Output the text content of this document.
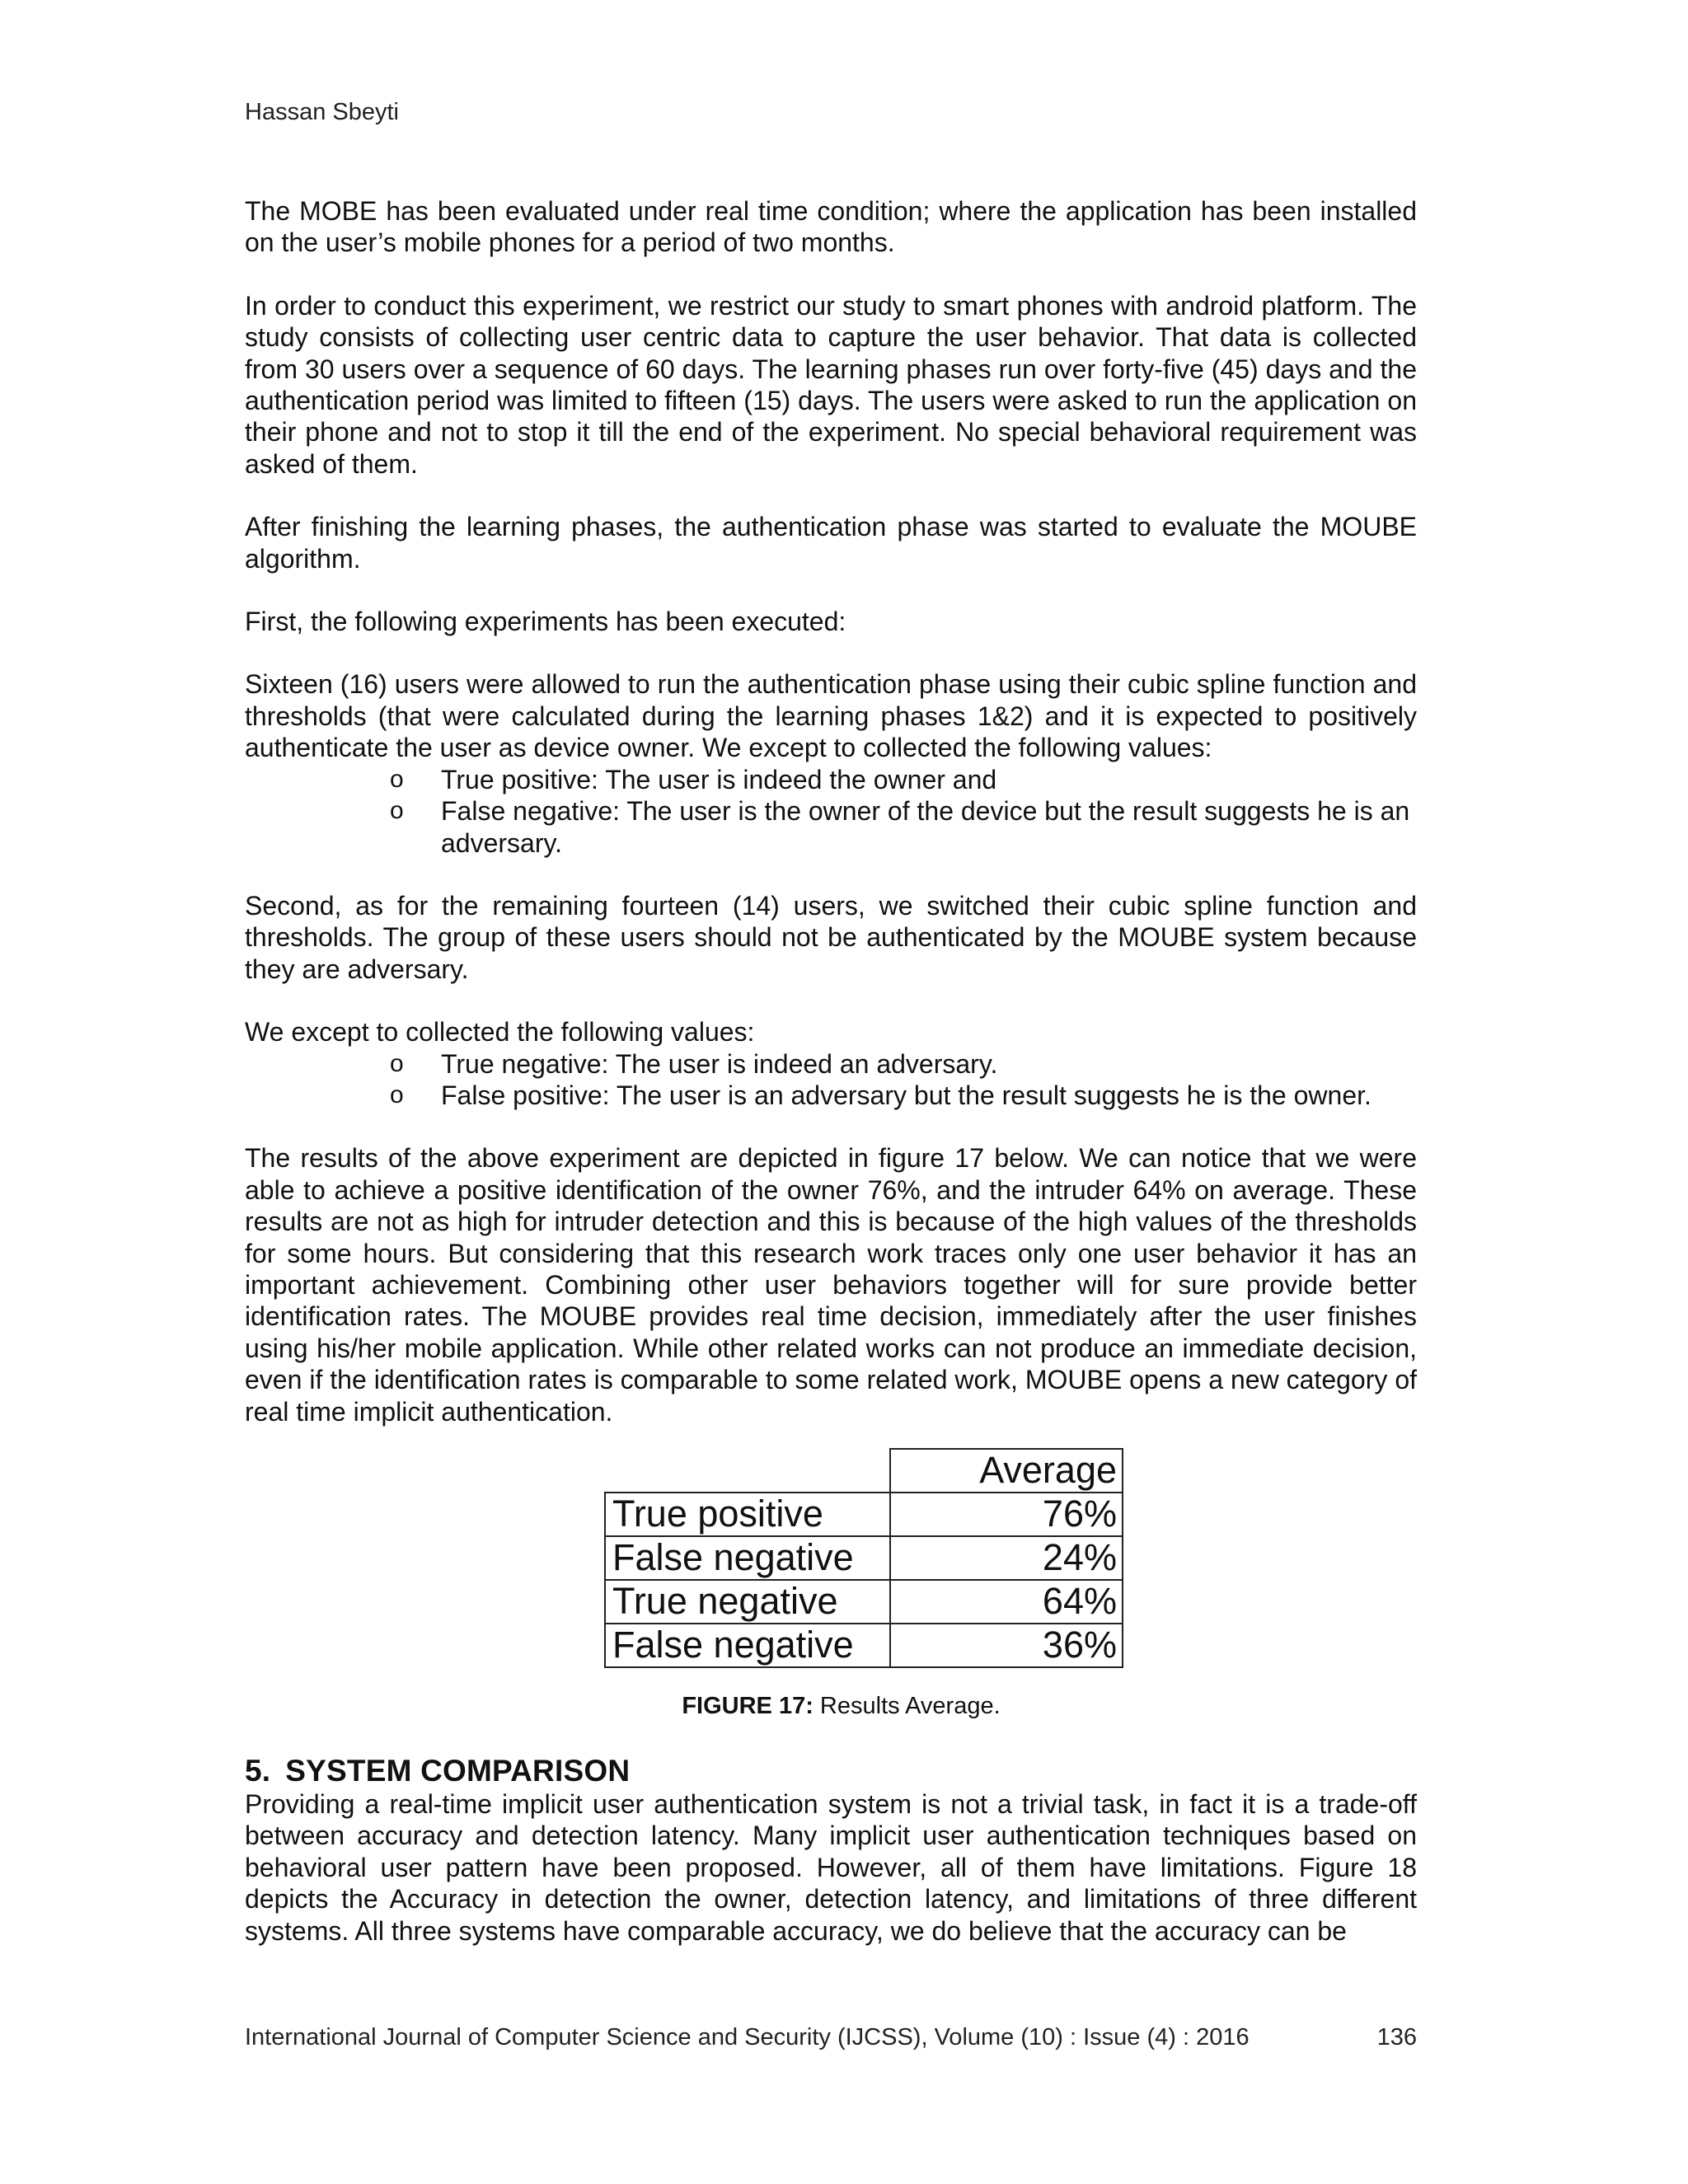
Hassan Sbeyti

The MOBE has been evaluated under real time condition; where the application has been installed on the user’s mobile phones for a period of two months.

In order to conduct this experiment, we restrict our study to smart phones with android platform. The study consists of collecting user centric data to capture the user behavior. That data is collected from 30 users over a sequence of 60 days. The learning phases run over forty-five (45) days and the authentication period was limited to fifteen (15) days. The users were asked to run the application on their phone and not to stop it till the end of the experiment. No special behavioral requirement was asked of them.

After finishing the learning phases, the authentication phase was started to evaluate the MOUBE algorithm.

First, the following experiments has been executed:

Sixteen (16) users were allowed to run the authentication phase using their cubic spline function and thresholds (that were calculated during the learning phases 1&2) and it is expected to positively authenticate the user as device owner. We except to collected the following values:

o True positive: The user is indeed the owner and
o False negative: The user is the owner of the device but the result suggests he is an adversary.

Second, as for the remaining fourteen (14) users, we switched their cubic spline function and thresholds. The group of these users should not be authenticated by the MOUBE system because they are adversary.

We except to collected the following values:

o True negative: The user is indeed an adversary.
o False positive: The user is an adversary but the result suggests he is the owner.

The results of the above experiment are depicted in figure 17 below. We can notice that we were able to achieve a positive identification of the owner 76%, and the intruder 64% on average. These results are not as high for intruder detection and this is because of the high values of the thresholds for some hours. But considering that this research work traces only one user behavior it has an important achievement. Combining other user behaviors together will for sure provide better identification rates. The MOUBE provides real time decision, immediately after the user finishes using his/her mobile application. While other related works can not produce an immediate decision, even if the identification rates is comparable to some related work, MOUBE opens a new category of real time implicit authentication.

	Average
True positive	76%
False negative	24%
True negative	64%
False negative	36%
FIGURE 17: Results Average.
5. SYSTEM COMPARISON

Providing a real-time implicit user authentication system is not a trivial task, in fact it is a trade-off between accuracy and detection latency. Many implicit user authentication techniques based on behavioral user pattern have been proposed. However, all of them have limitations. Figure 18 depicts the Accuracy in detection the owner, detection latency, and limitations of three different systems. All three systems have comparable accuracy, we do believe that the accuracy can be

International Journal of Computer Science and Security (IJCSS), Volume (10) : Issue (4) : 2016	136
